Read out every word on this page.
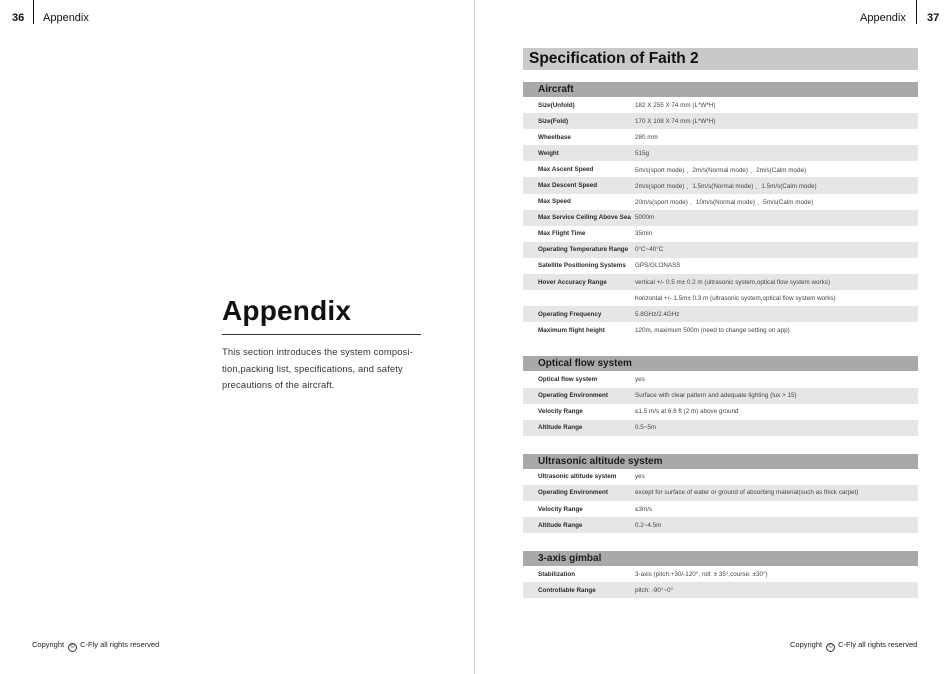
36 Appendix
Appendix
This section introduces the system composi-tion,packing list, specifications, and safety precautions of the aircraft.
Copyright © C-Fly all rights reserved
Appendix 37
Specification of Faith 2
Aircraft
Size(Unfold)	182 X 255 X 74 mm (L*W*H)
Size(Fold)	170 X 108 X 74 mm (L*W*H)
Wheelbase	280 mm
Weight	515g
Max Ascent Speed	5m/s(sport mode) 、2m/s(Normal mode) 、2m/s(Calm mode)
Max Descent Speed	2m/s(sport mode) 、1.5m/s(Normal mode) 、1.5m/s(Calm mode)
Max Speed	20m/s(sport mode) 、10m/s(Normal mode) 、5m/s(Calm mode)
Max Service Ceiling Above Sea 5000m
Max Flight Time	35min
Operating Temperature Range	0°C~40°C
Satellite Positioning Systems	GPS/GLONASS
Hover Accuracy Range	vertical +/- 0.5 m± 0.2 m (ultrasonic system,optical flow system works)
horizontal +/- 1.5m± 0.3 m (ultrasonic system,optical flow system works)
Operating Frequency	5.8GHz/2.4GHz
Maximum flight height	120m, maximum 500m (need to change setting on app)
Optical flow system
Optical flow system	yes
Operating Environment	Surface with clear pattern and adequate lighting (lux > 15)
Velocity Range	≤1.5 m/s at 6.6 ft (2 m) above ground
Altitude Range	0.5~5m
Ultrasonic altitude system
Ultrasonic altitude system	yes
Operating Environment	except for surface of water or ground of absorbing material(such as thick carpet)
Velocity Range	≤3m/s
Altitude Range	0.2~4.5m
3-axis gimbal
Stabilization	3-axis (pitch:+30/-120°, roll: ± 35°,course: ±30°)
Controllable Range	pitch: -90°~0°
Copyright © C-Fly all rights reserved
